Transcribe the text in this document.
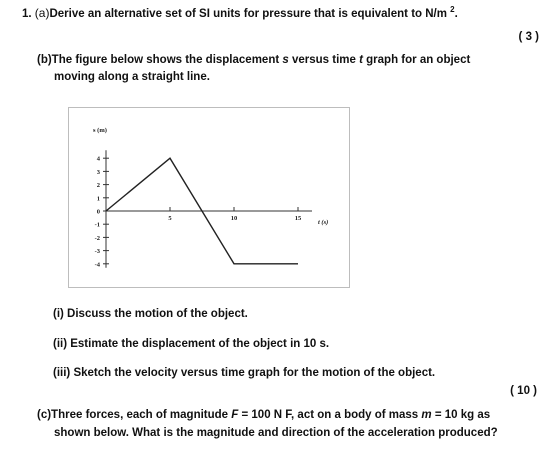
1. (a)Derive an alternative set of SI units for pressure that is equivalent to N/m $^2$.
( 3 )
(b)The figure below shows the displacement s versus time t graph for an object
moving along a straight line.
4
3
2
1
0
-1
-2
-3
-4
5	10	15
s (m)
t (s)
(i) Discuss the motion of the object.
(ii) Estimate the displacement of the object in 10 s.
(iii) Sketch the velocity versus time graph for the motion of the object.
( 10 )
(c)Three forces, each of magnitude F = 100 N F, act on a body of mass m = 10 kg as
shown below. What is the magnitude and direction of the acceleration produced?
